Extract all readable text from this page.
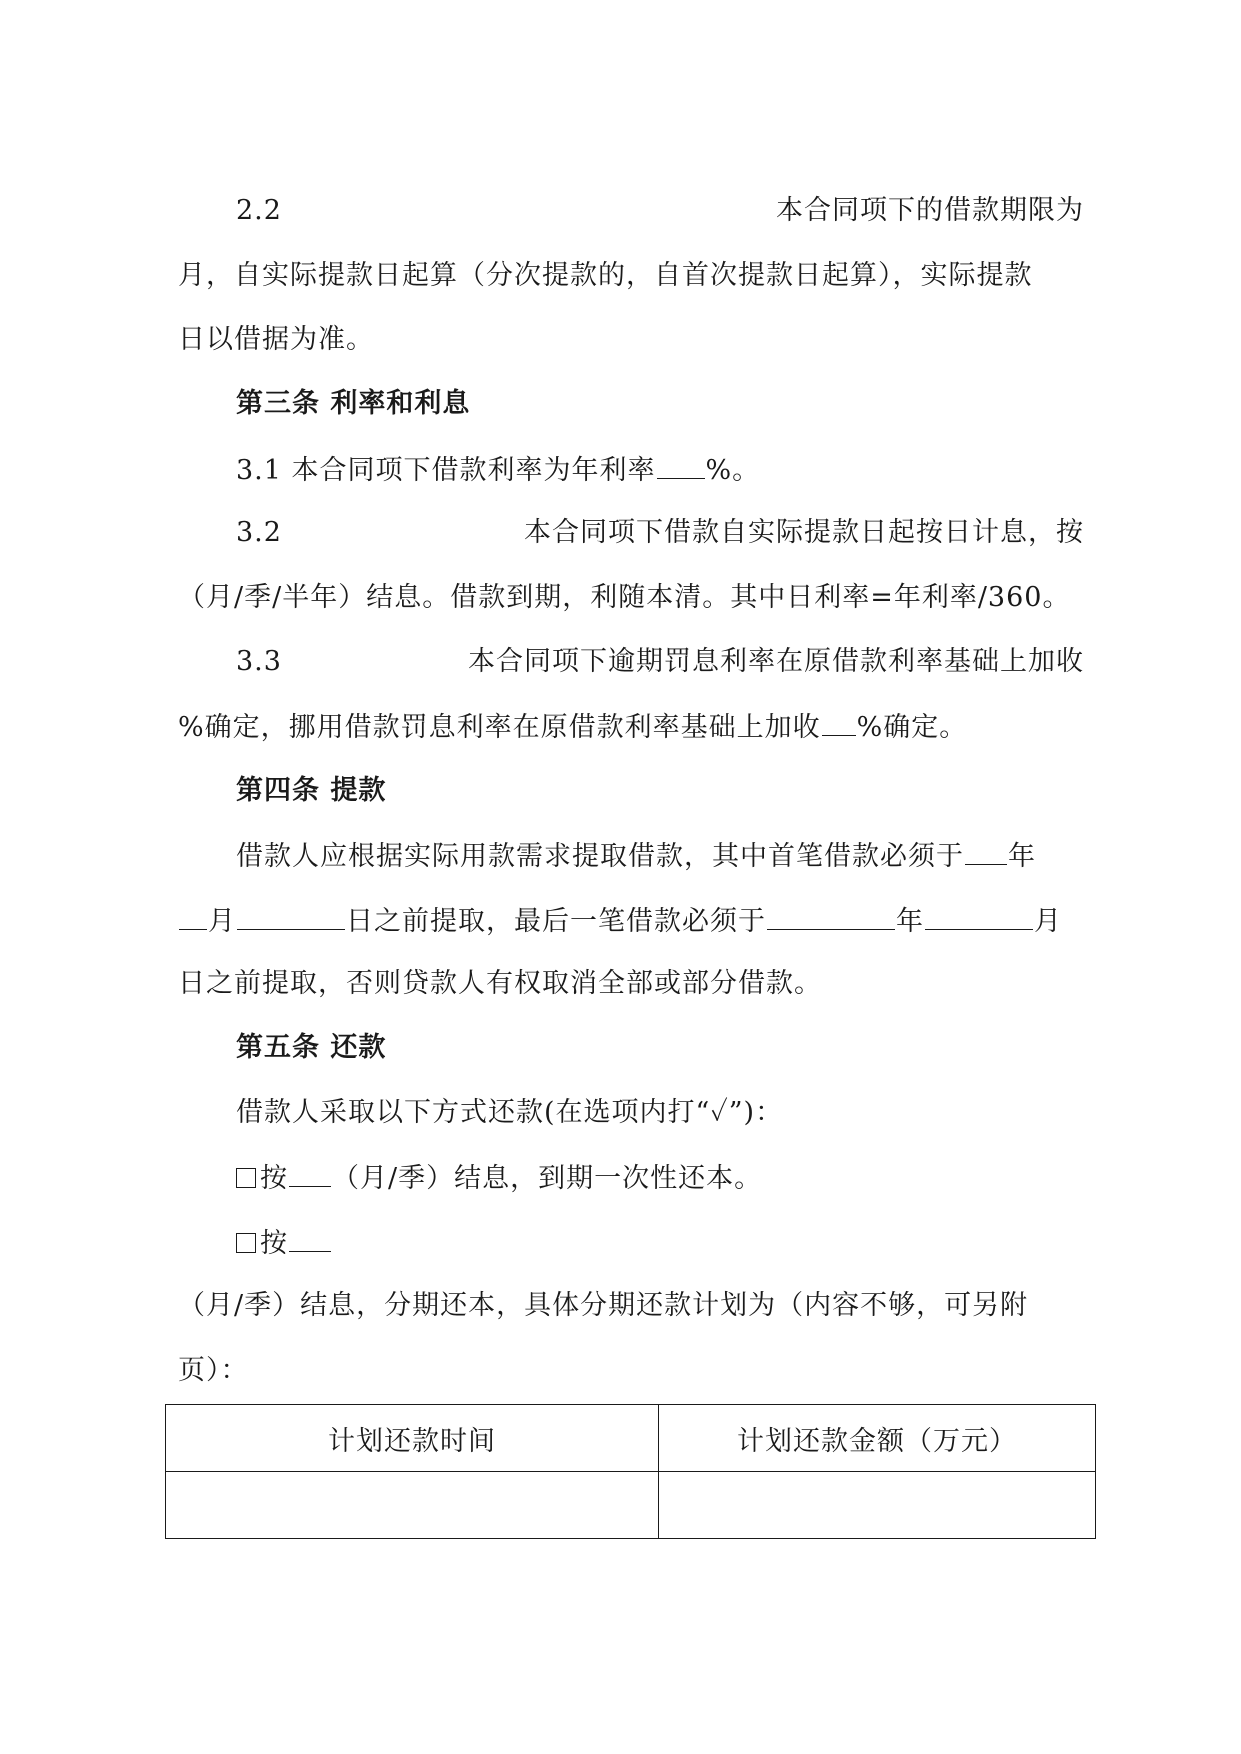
2.2	本合同项下的借款期限为
月，自实际提款日起算（分次提款的，自首次提款日起算），实际提款
日以借据为准。
第三条 利率和利息
3.1 本合同项下借款利率为年利率 %。
3.2	本合同项下借款自实际提款日起按日计息，按
（月/季/半年）结息。借款到期，利随本清。其中日利率=年利率/360。
3.3	本合同项下逾期罚息利率在原借款利率基础上加收
%确定，挪用借款罚息利率在原借款利率基础上加收 %确定。
第四条 提款
借款人应根据实际用款需求提取借款，其中首笔借款必须于 年
月	日之前提取，最后一笔借款必须于	年	月
日之前提取，否则贷款人有权取消全部或部分借款。
第五条 还款
借款人采取以下方式还款(在选项内打“✓”)：
按 （月/季）结息，到期一次性还本。
按
（月/季）结息，分期还本，具体分期还款计划为（内容不够，可另附
页）：
计划还款时间	计划还款金额（万元）
